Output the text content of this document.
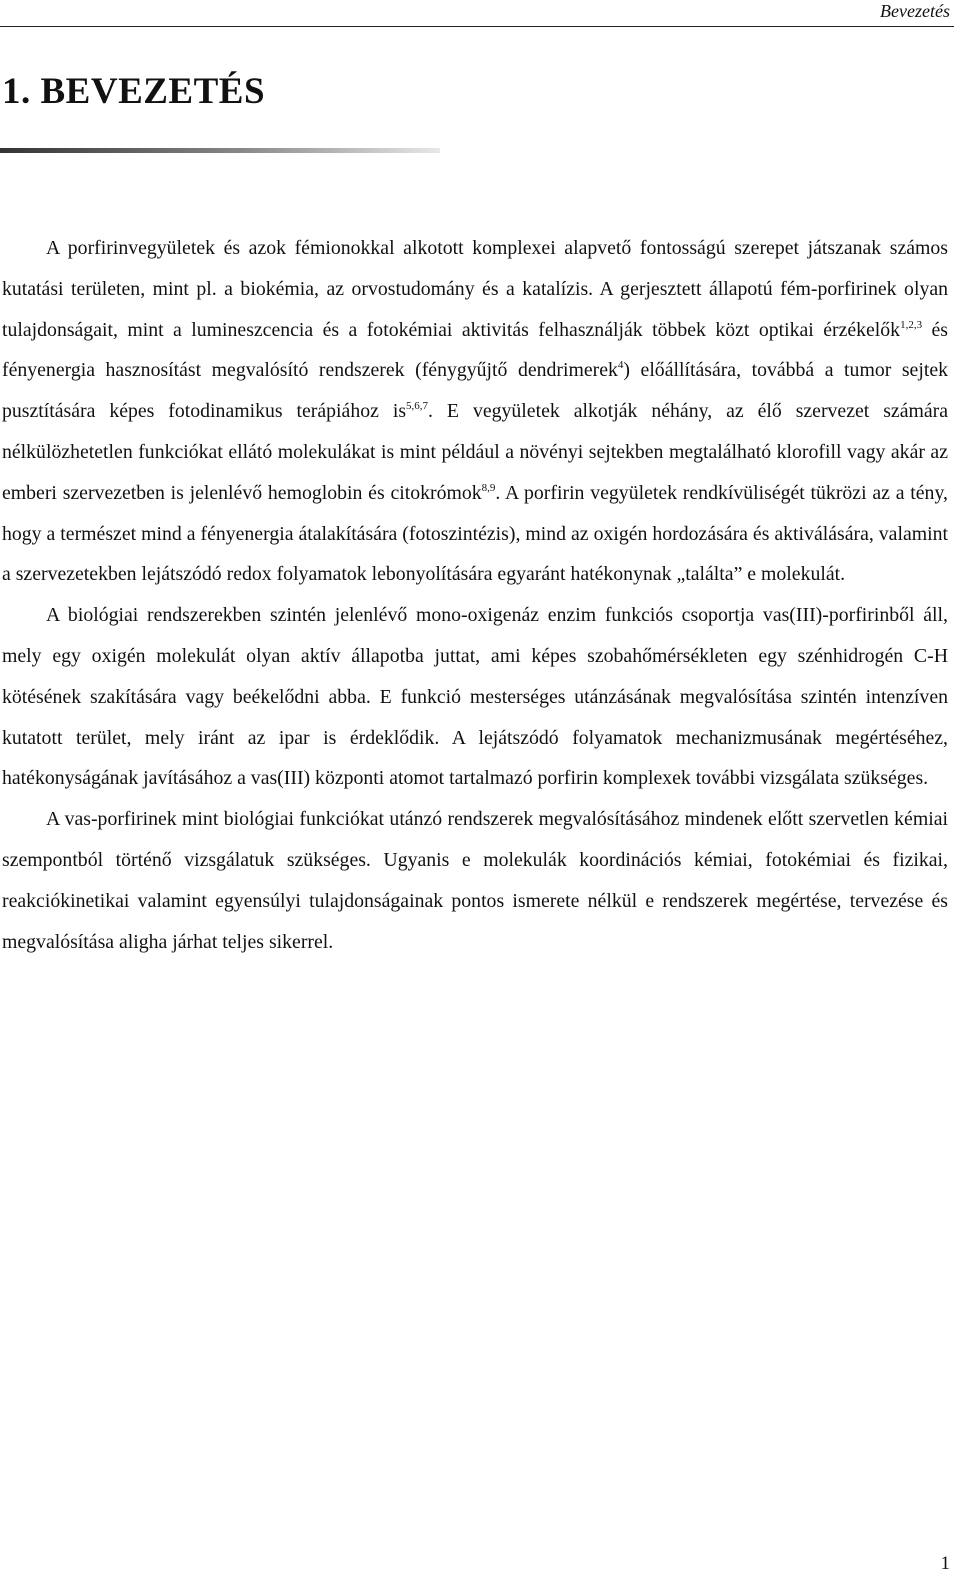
Bevezetés
1. BEVEZETÉS

A porfirinvegyületek és azok fémionokkal alkotott komplexei alapvető fontosságú szerepet játszanak számos kutatási területen, mint pl. a biokémia, az orvostudomány és a katalízis. A gerjesztett állapotú fém-porfirinek olyan tulajdonságait, mint a lumineszcencia és a fotokémiai aktivitás felhasználják többek közt optikai érzékelők$^{1,2,3}$ és fényenergia hasznosítást megvalósító rendszerek (fénygyűjtő dendrimerek$^4$) előállítására, továbbá a tumor sejtek pusztítására képes fotodinamikus terápiához is$^{5,6,7}$. E vegyületek alkotják néhány, az élő szervezet számára nélkülözhetetlen funkciókat ellátó molekulákat is mint például a növényi sejtekben megtalálható klorofill vagy akár az emberi szervezetben is jelenlévő hemoglobin és citokrómok$^{8,9}$. A porfirin vegyületek rendkívüliségét tükrözi az a tény, hogy a természet mind a fényenergia átalakítására (fotoszintézis), mind az oxigén hordozására és aktiválására, valamint a szervezetekben lejátszódó redox folyamatok lebonyolítására egyaránt hatékonynak „találta” e molekulát.

A biológiai rendszerekben szintén jelenlévő mono-oxigenáz enzim funkciós csoportja vas(III)-porfirinből áll, mely egy oxigén molekulát olyan aktív állapotba juttat, ami képes szobahőmérsékleten egy szénhidrogén C-H kötésének szakítására vagy beékelődni abba. E funkció mesterséges utánzásának megvalósítása szintén intenzíven kutatott terület, mely iránt az ipar is érdeklődik. A lejátszódó folyamatok mechanizmusának megértéséhez, hatékonyságának javításához a vas(III) központi atomot tartalmazó porfirin komplexek további vizsgálata szükséges.

A vas-porfirinek mint biológiai funkciókat utánzó rendszerek megvalósításához mindenek előtt szervetlen kémiai szempontból történő vizsgálatuk szükséges. Ugyanis e molekulák koordinációs kémiai, fotokémiai és fizikai, reakciókinetikai valamint egyensúlyi tulajdonságainak pontos ismerete nélkül e rendszerek megértése, tervezése és megvalósítása aligha járhat teljes sikerrel.

1
